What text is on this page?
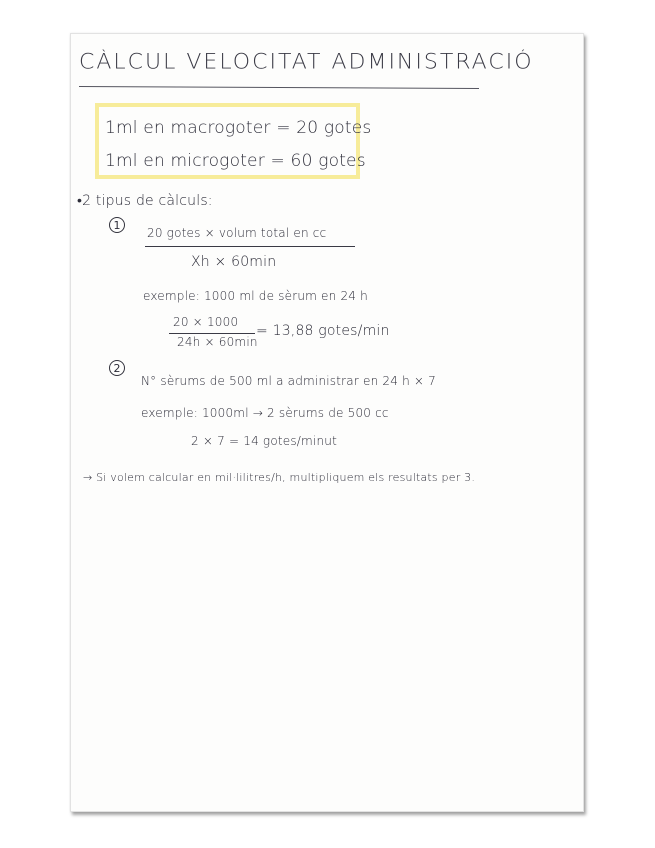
CÀLCUL VELOCITAT ADMINISTRACIÓ
1ml en macrogoter = 20 gotes
1ml en microgoter = 60 gotes
•2 tipus de càlculs:
1
20 gotes × volum total en cc
Xh × 60min
exemple: 1000 ml de sèrum en 24 h
20 × 1000
24h × 60min
= 13,88 gotes/min
2
N° sèrums de 500 ml a administrar en 24 h × 7
exemple: 1000ml → 2 sèrums de 500 cc
2 × 7 = 14 gotes/minut
→ Si volem calcular en mil·lilitres/h, multipliquem els resultats per 3.
